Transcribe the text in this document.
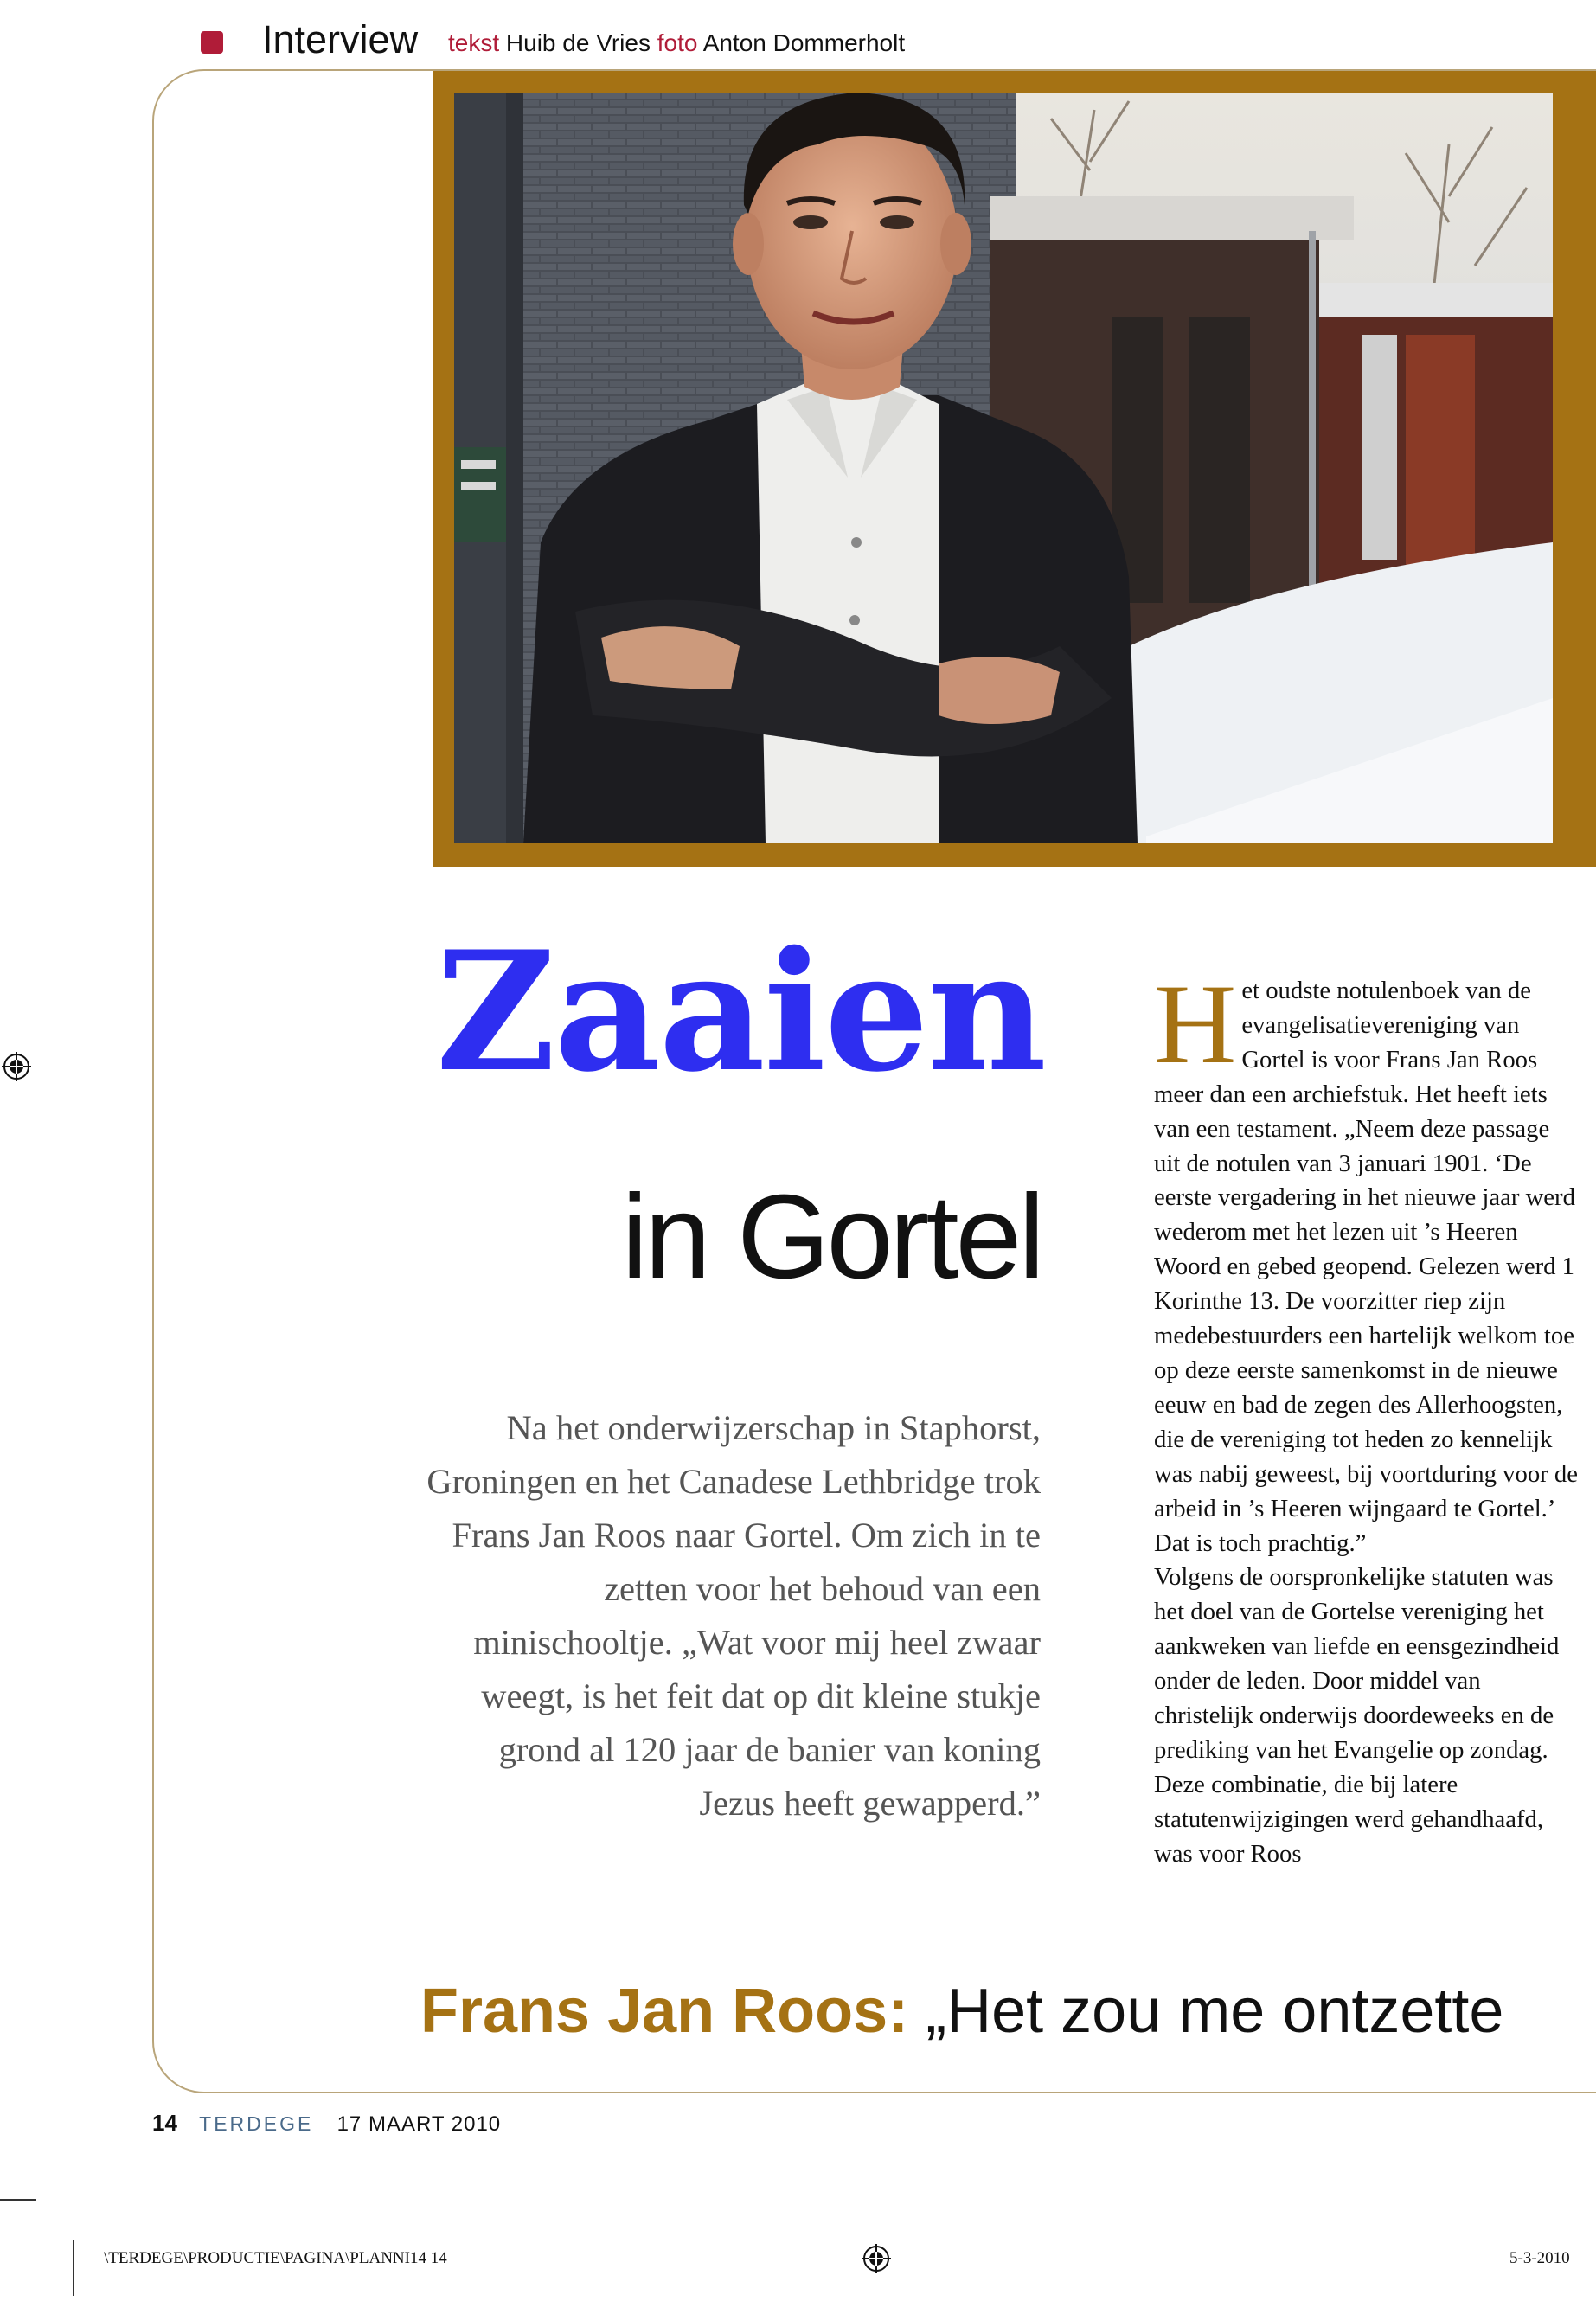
Interview tekst Huib de Vries foto Anton Dommerholt
Zaaien
in Gortel
Na het onderwijzerschap in Staphorst, Groningen en het Canadese Lethbridge trok Frans Jan Roos naar Gortel. Om zich in te zetten voor het behoud van een minischooltje. „Wat voor mij heel zwaar weegt, is het feit dat op dit kleine stukje grond al 120 jaar de banier van koning Jezus heeft gewapperd.”
H et oudste notulenboek van de evangelisatievereniging van Gortel is voor Frans Jan Roos meer dan een archiefstuk. Het heeft iets van een testament. „Neem deze passage uit de notulen van 3 januari 1901. ‘De eerste vergadering in het nieuwe jaar werd wederom met het lezen uit ’s Heeren Woord en gebed geopend. Gelezen werd 1 Korinthe 13. De voorzitter riep zijn medebestuurders een hartelijk welkom toe op deze eerste samenkomst in de nieuwe eeuw en bad de zegen des Allerhoogsten, die de vereniging tot heden zo kennelijk was nabij geweest, bij voortduring voor de arbeid in ’s Heeren wijngaard te Gortel.’ Dat is toch prachtig.”

Volgens de oorspronkelijke statuten was het doel van de Gortelse vereniging het aankweken van liefde en eensgezindheid onder de leden. Door middel van christelijk onderwijs doordeweeks en de prediking van het Evangelie op zondag. Deze combinatie, die bij latere statutenwijzigingen werd gehandhaafd, was voor Roos

Frans Jan Roos: „Het zou me ontzette
14 TERDEGE 17 MAART 2010
\TERDEGE\PRODUCTIE\PAGINA\PLANNI14 14	5-3-2010
